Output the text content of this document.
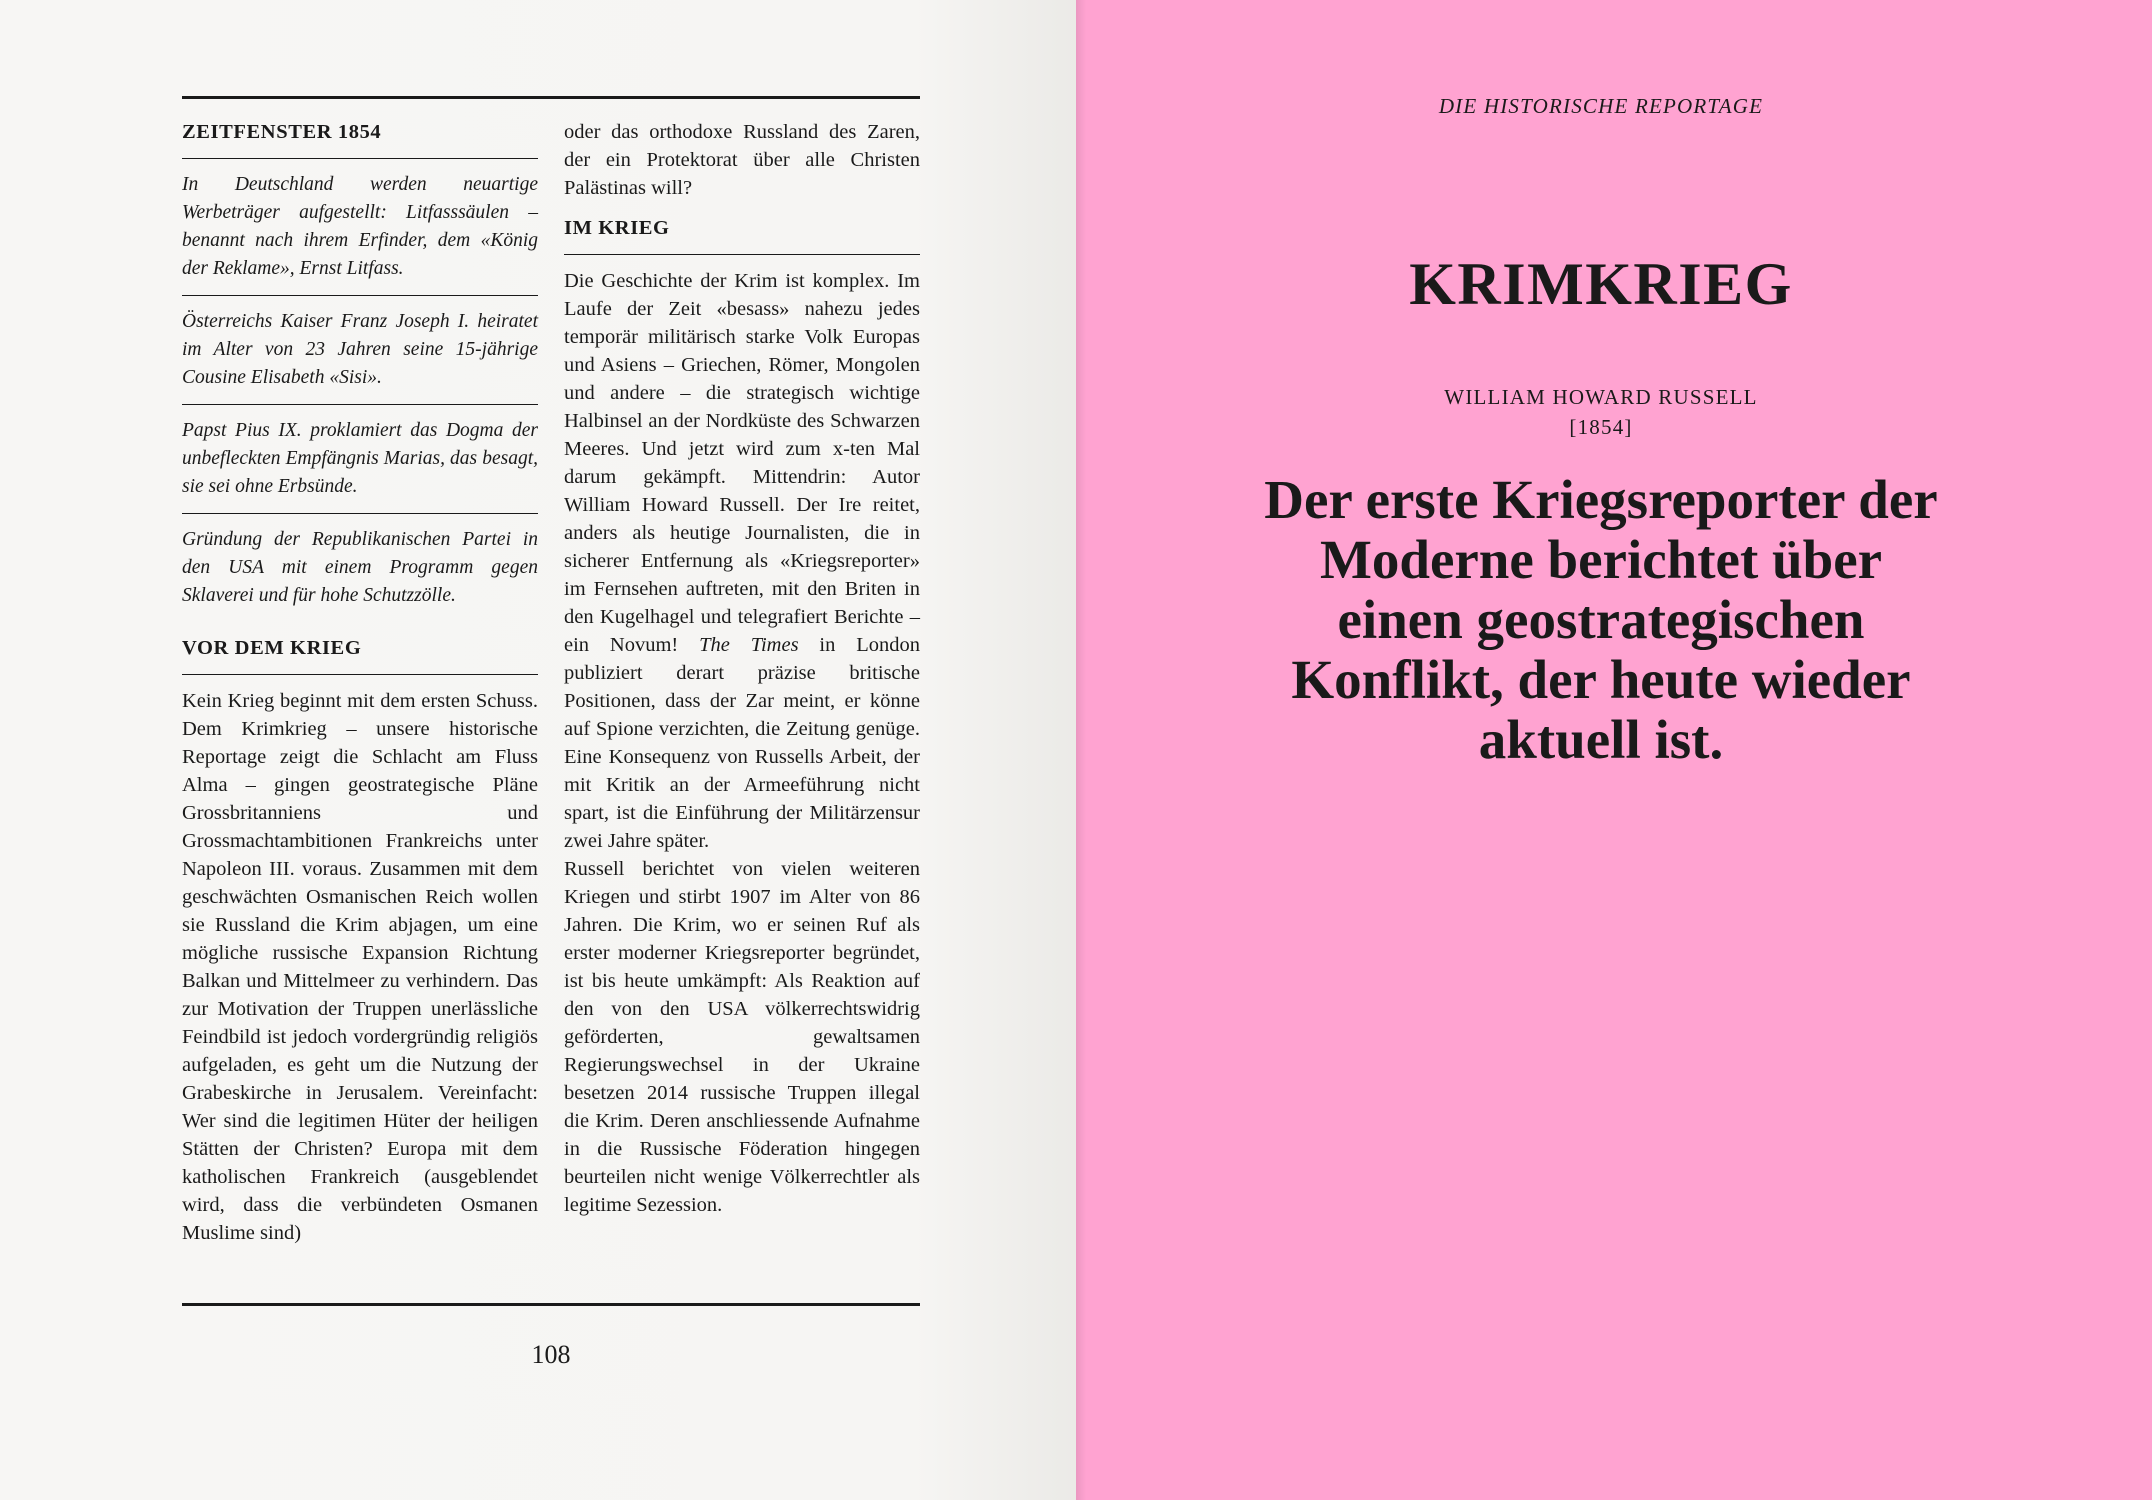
ZEITFENSTER 1854
In Deutschland werden neuartige Werbeträger aufgestellt: Litfasssäulen – benannt nach ihrem Erfinder, dem «König der Reklame», Ernst Litfass.
Österreichs Kaiser Franz Joseph I. heiratet im Alter von 23 Jahren seine 15-jährige Cousine Elisabeth «Sisi».
Papst Pius IX. proklamiert das Dogma der unbefleckten Empfängnis Marias, das besagt, sie sei ohne Erbsünde.
Gründung der Republikanischen Partei in den USA mit einem Programm gegen Sklaverei und für hohe Schutzzölle.
VOR DEM KRIEG

Kein Krieg beginnt mit dem ersten Schuss. Dem Krimkrieg – unsere historische Reportage zeigt die Schlacht am Fluss Alma – gingen geostrategische Pläne Grossbritanniens und Grossmachtambitionen Frankreichs unter Napoleon III. voraus. Zusammen mit dem geschwächten Osmanischen Reich wollen sie Russland die Krim abjagen, um eine mögliche russische Expansion Richtung Balkan und Mittelmeer zu verhindern. Das zur Motivation der Truppen unerlässliche Feindbild ist jedoch vordergründig religiös aufgeladen, es geht um die Nutzung der Grabeskirche in Jerusalem. Vereinfacht: Wer sind die legitimen Hüter der heiligen Stätten der Christen? Europa mit dem katholischen Frankreich (ausgeblendet wird, dass die verbündeten Osmanen Muslime sind)

oder das orthodoxe Russland des Zaren, der ein Protektorat über alle Christen Palästinas will?

IM KRIEG

Die Geschichte der Krim ist komplex. Im Laufe der Zeit «besass» nahezu jedes temporär militärisch starke Volk Europas und Asiens – Griechen, Römer, Mongolen und andere – die strategisch wichtige Halbinsel an der Nordküste des Schwarzen Meeres. Und jetzt wird zum x-ten Mal darum gekämpft. Mittendrin: Autor William Howard Russell. Der Ire reitet, anders als heutige Journalisten, die in sicherer Entfernung als «Kriegsreporter» im Fernsehen auftreten, mit den Briten in den Kugelhagel und telegrafiert Berichte – ein Novum! The Times in London publiziert derart präzise britische Positionen, dass der Zar meint, er könne auf Spione verzichten, die Zeitung genüge. Eine Konsequenz von Russells Arbeit, der mit Kritik an der Armeeführung nicht spart, ist die Einführung der Militärzensur zwei Jahre später.

Russell berichtet von vielen weiteren Kriegen und stirbt 1907 im Alter von 86 Jahren. Die Krim, wo er seinen Ruf als erster moderner Kriegsreporter begründet, ist bis heute umkämpft: Als Reaktion auf den von den USA völkerrechtswidrig geförderten, gewaltsamen Regierungswechsel in der Ukraine besetzen 2014 russische Truppen illegal die Krim. Deren anschliessende Aufnahme in die Russische Föderation hingegen beurteilen nicht wenige Völkerrechtler als legitime Sezession.

108
DIE HISTORISCHE REPORTAGE
KRIMKRIEG
WILLIAM HOWARD RUSSELL
[1854]
Der erste Kriegsreporter der Moderne berichtet über einen geostrategischen Konflikt, der heute wieder aktuell ist.
